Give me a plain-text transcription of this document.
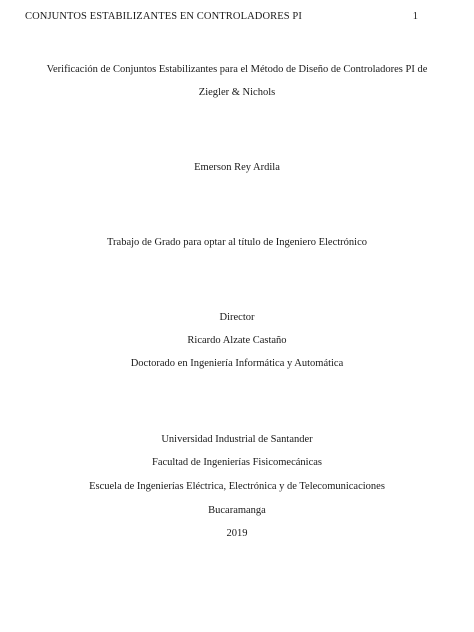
CONJUNTOS ESTABILIZANTES EN CONTROLADORES PI	1
Verificación de Conjuntos Estabilizantes para el Método de Diseño de Controladores PI de
Ziegler & Nichols
Emerson Rey Ardila
Trabajo de Grado para optar al título de Ingeniero Electrónico
Director
Ricardo Alzate Castaño
Doctorado en Ingeniería Informática y Automática
Universidad Industrial de Santander
Facultad de Ingenierías Fisicomecánicas
Escuela de Ingenierías Eléctrica, Electrónica y de Telecomunicaciones
Bucaramanga
2019
